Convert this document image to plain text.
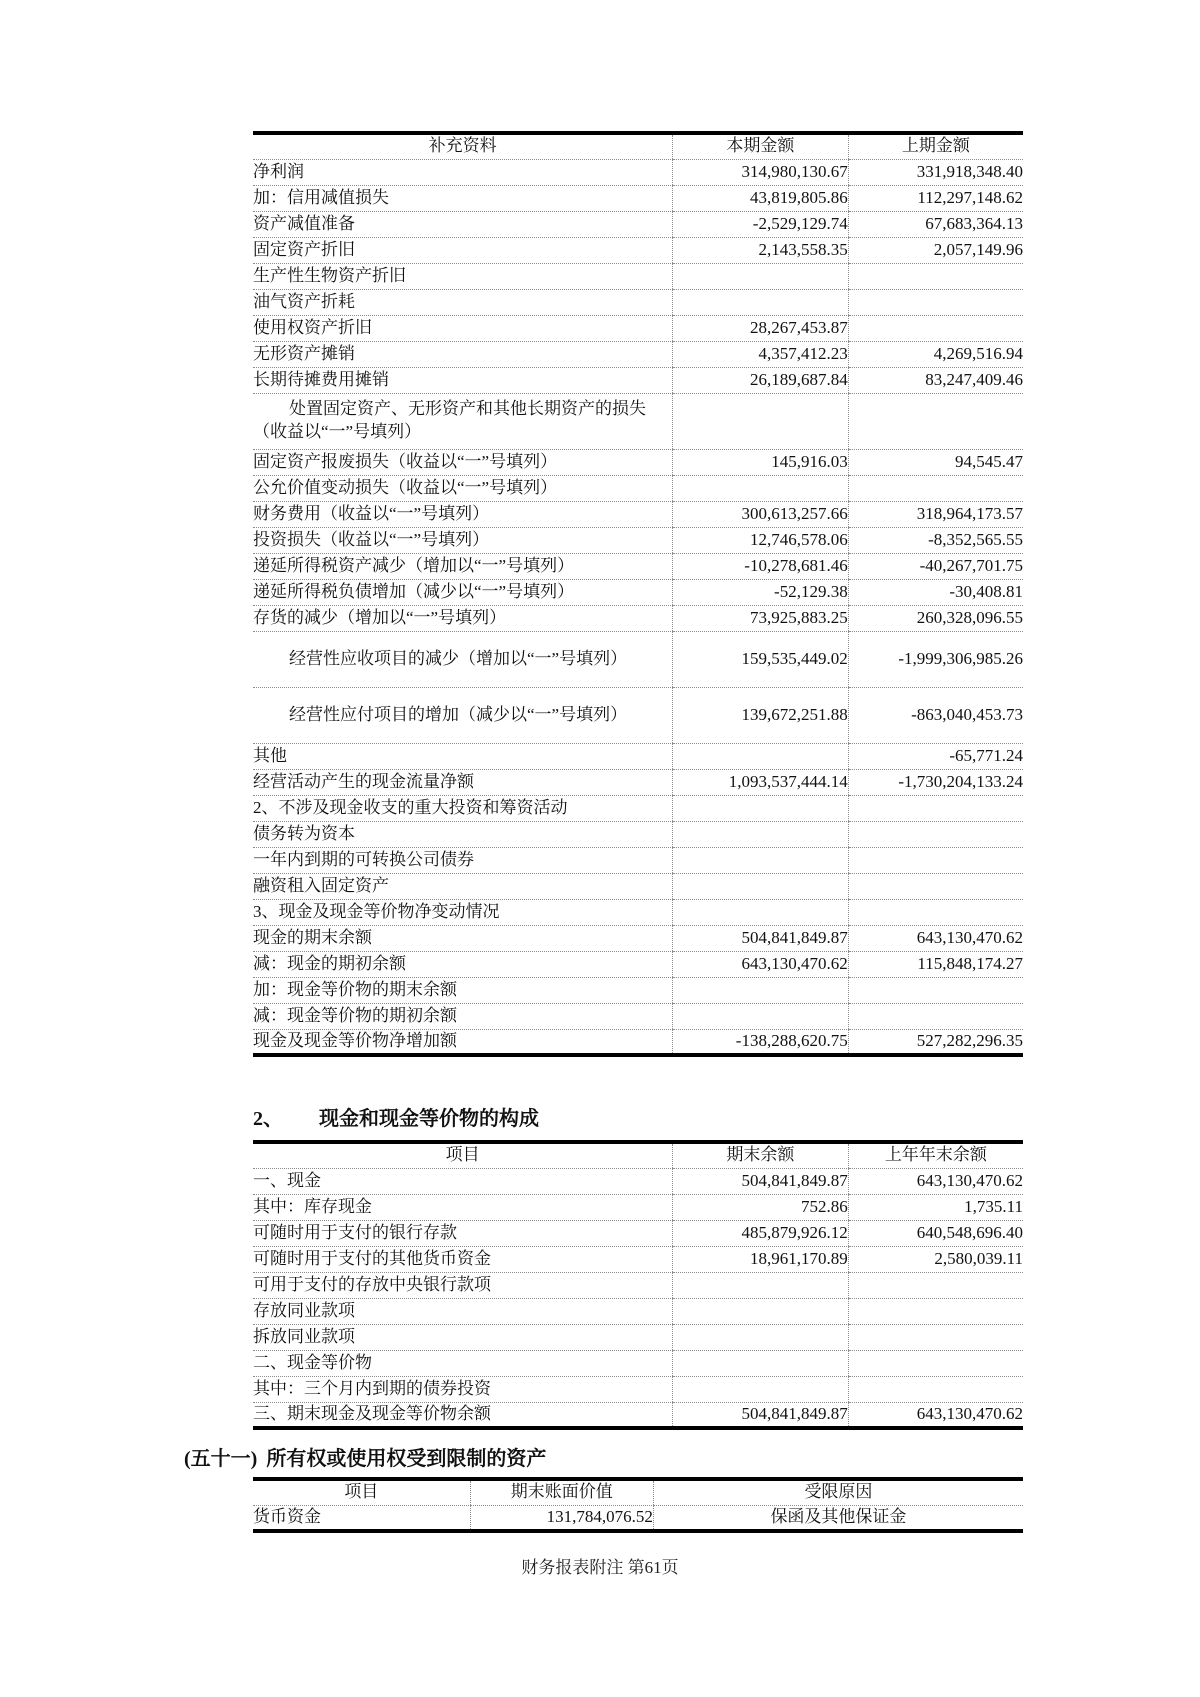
补充资料	本期金额	上期金额
净利润	314,980,130.67	331,918,348.40
加：信用减值损失	43,819,805.86	112,297,148.62
资产减值准备	-2,529,129.74	67,683,364.13
固定资产折旧	2,143,558.35	2,057,149.96
生产性生物资产折旧		
油气资产折耗		
使用权资产折旧	28,267,453.87	
无形资产摊销	4,357,412.23	4,269,516.94
长期待摊费用摊销	26,189,687.84	83,247,409.46
处置固定资产、无形资产和其他长期资产的损失（收益以“一”号填列）		
固定资产报废损失（收益以“一”号填列）	145,916.03	94,545.47
公允价值变动损失（收益以“一”号填列）		
财务费用（收益以“一”号填列）	300,613,257.66	318,964,173.57
投资损失（收益以“一”号填列）	12,746,578.06	-8,352,565.55
递延所得税资产减少（增加以“一”号填列）	-10,278,681.46	-40,267,701.75
递延所得税负债增加（减少以“一”号填列）	-52,129.38	-30,408.81
存货的减少（增加以“一”号填列）	73,925,883.25	260,328,096.55
经营性应收项目的减少（增加以“一”号填列）	159,535,449.02	-1,999,306,985.26
经营性应付项目的增加（减少以“一”号填列）	139,672,251.88	-863,040,453.73
其他		-65,771.24
经营活动产生的现金流量净额	1,093,537,444.14	-1,730,204,133.24
2、不涉及现金收支的重大投资和筹资活动		
债务转为资本		
一年内到期的可转换公司债券		
融资租入固定资产		
3、现金及现金等价物净变动情况		
现金的期末余额	504,841,849.87	643,130,470.62
减：现金的期初余额	643,130,470.62	115,848,174.27
加：现金等价物的期末余额		
减：现金等价物的期初余额		
现金及现金等价物净增加额	-138,288,620.75	527,282,296.35
2、 现金和现金等价物的构成
项目	期末余额	上年年末余额
一、现金	504,841,849.87	643,130,470.62
其中：库存现金	752.86	1,735.11
可随时用于支付的银行存款	485,879,926.12	640,548,696.40
可随时用于支付的其他货币资金	18,961,170.89	2,580,039.11
可用于支付的存放中央银行款项		
存放同业款项		
拆放同业款项		
二、现金等价物		
其中：三个月内到期的债券投资		
三、期末现金及现金等价物余额	504,841,849.87	643,130,470.62
(五十一) 所有权或使用权受到限制的资产
项目	期末账面价值	受限原因
货币资金	131,784,076.52	保函及其他保证金
财务报表附注 第61页
